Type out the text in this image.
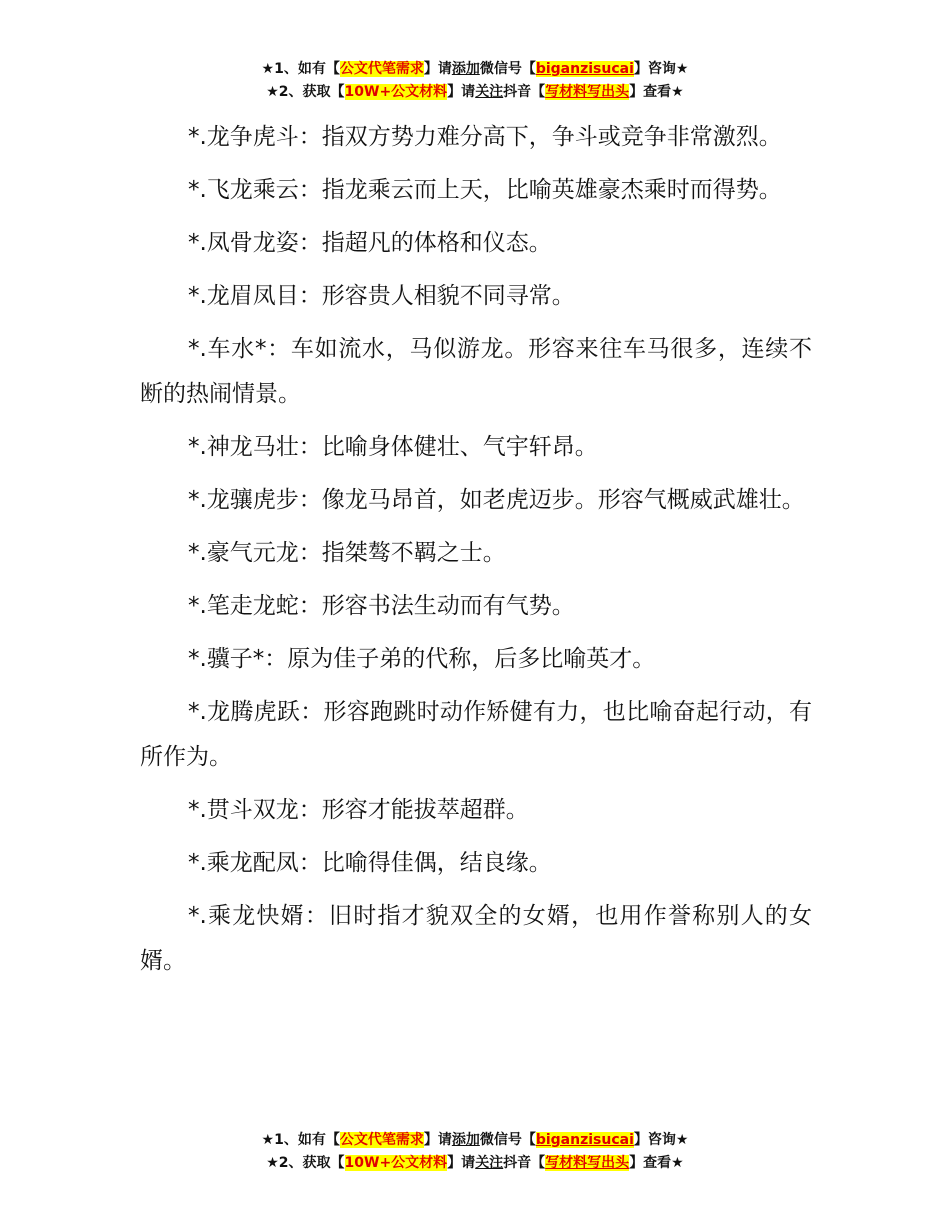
★1、如有【公文代笔需求】请添加微信号【biganzisucai】咨询★
★2、获取【10W+公文材料】请关注抖音【写材料写出头】查看★

*.龙争虎斗：指双方势力难分高下，争斗或竞争非常激烈。

*.飞龙乘云：指龙乘云而上天，比喻英雄豪杰乘时而得势。

*.凤骨龙姿：指超凡的体格和仪态。

*.龙眉凤目：形容贵人相貌不同寻常。

*.车水*：车如流水，马似游龙。形容来往车马很多，连续不断的热闹情景。

*.神龙马壮：比喻身体健壮、气宇轩昂。

*.龙骧虎步：像龙马昂首，如老虎迈步。形容气概威武雄壮。

*.豪气元龙：指桀骜不羁之士。

*.笔走龙蛇：形容书法生动而有气势。

*.骥子*：原为佳子弟的代称，后多比喻英才。

*.龙腾虎跃：形容跑跳时动作矫健有力，也比喻奋起行动，有所作为。

*.贯斗双龙：形容才能拔萃超群。

*.乘龙配凤：比喻得佳偶，结良缘。

*.乘龙快婿：旧时指才貌双全的女婿，也用作誉称别人的女婿。

★1、如有【公文代笔需求】请添加微信号【biganzisucai】咨询★
★2、获取【10W+公文材料】请关注抖音【写材料写出头】查看★
